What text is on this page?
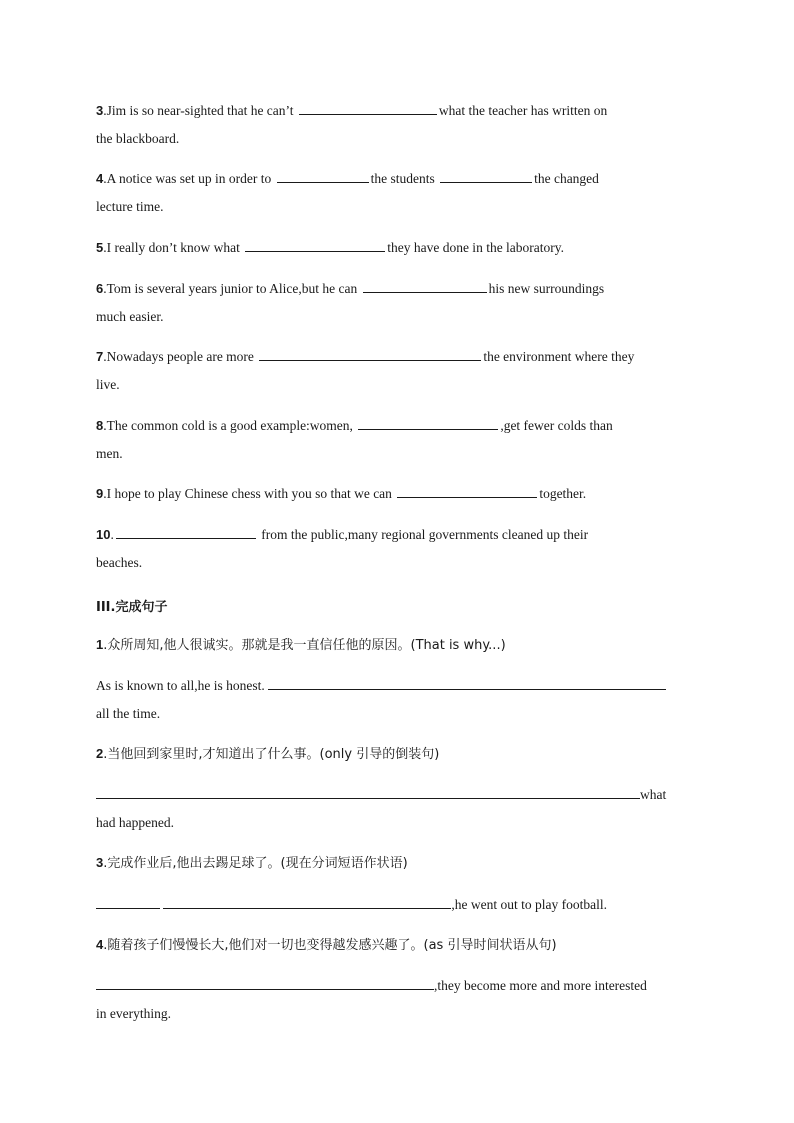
3.Jim is so near-sighted that he can’t	what the teacher has written on
the blackboard.
4.A notice was set up in order to	the students	the changed
lecture time.
5.I really don’t know what	they have done in the laboratory.
6.Tom is several years junior to Alice,but he can	his new surroundings
much easier.
7.Nowadays people are more	the environment where they
live.
8.The common cold is a good example:women,	,get fewer colds than
men.
9.I hope to play Chinese chess with you so that we can	together.
10.	from the public,many regional governments cleaned up their
beaches.
III.完成句子
1.众所周知,他人很诚实。那就是我一直信任他的原因。(That is why...)
As is known to all,he is honest.
all the time.
2.当他回到家里时,才知道出了什么事。(only 引导的倒装句)
what
had happened.
3.完成作业后,他出去踢足球了。(现在分词短语作状语)
,he went out to play football.
4.随着孩子们慢慢长大,他们对一切也变得越发感兴趣了。(as 引导时间状语从句)
,they become more and more interested
in everything.
